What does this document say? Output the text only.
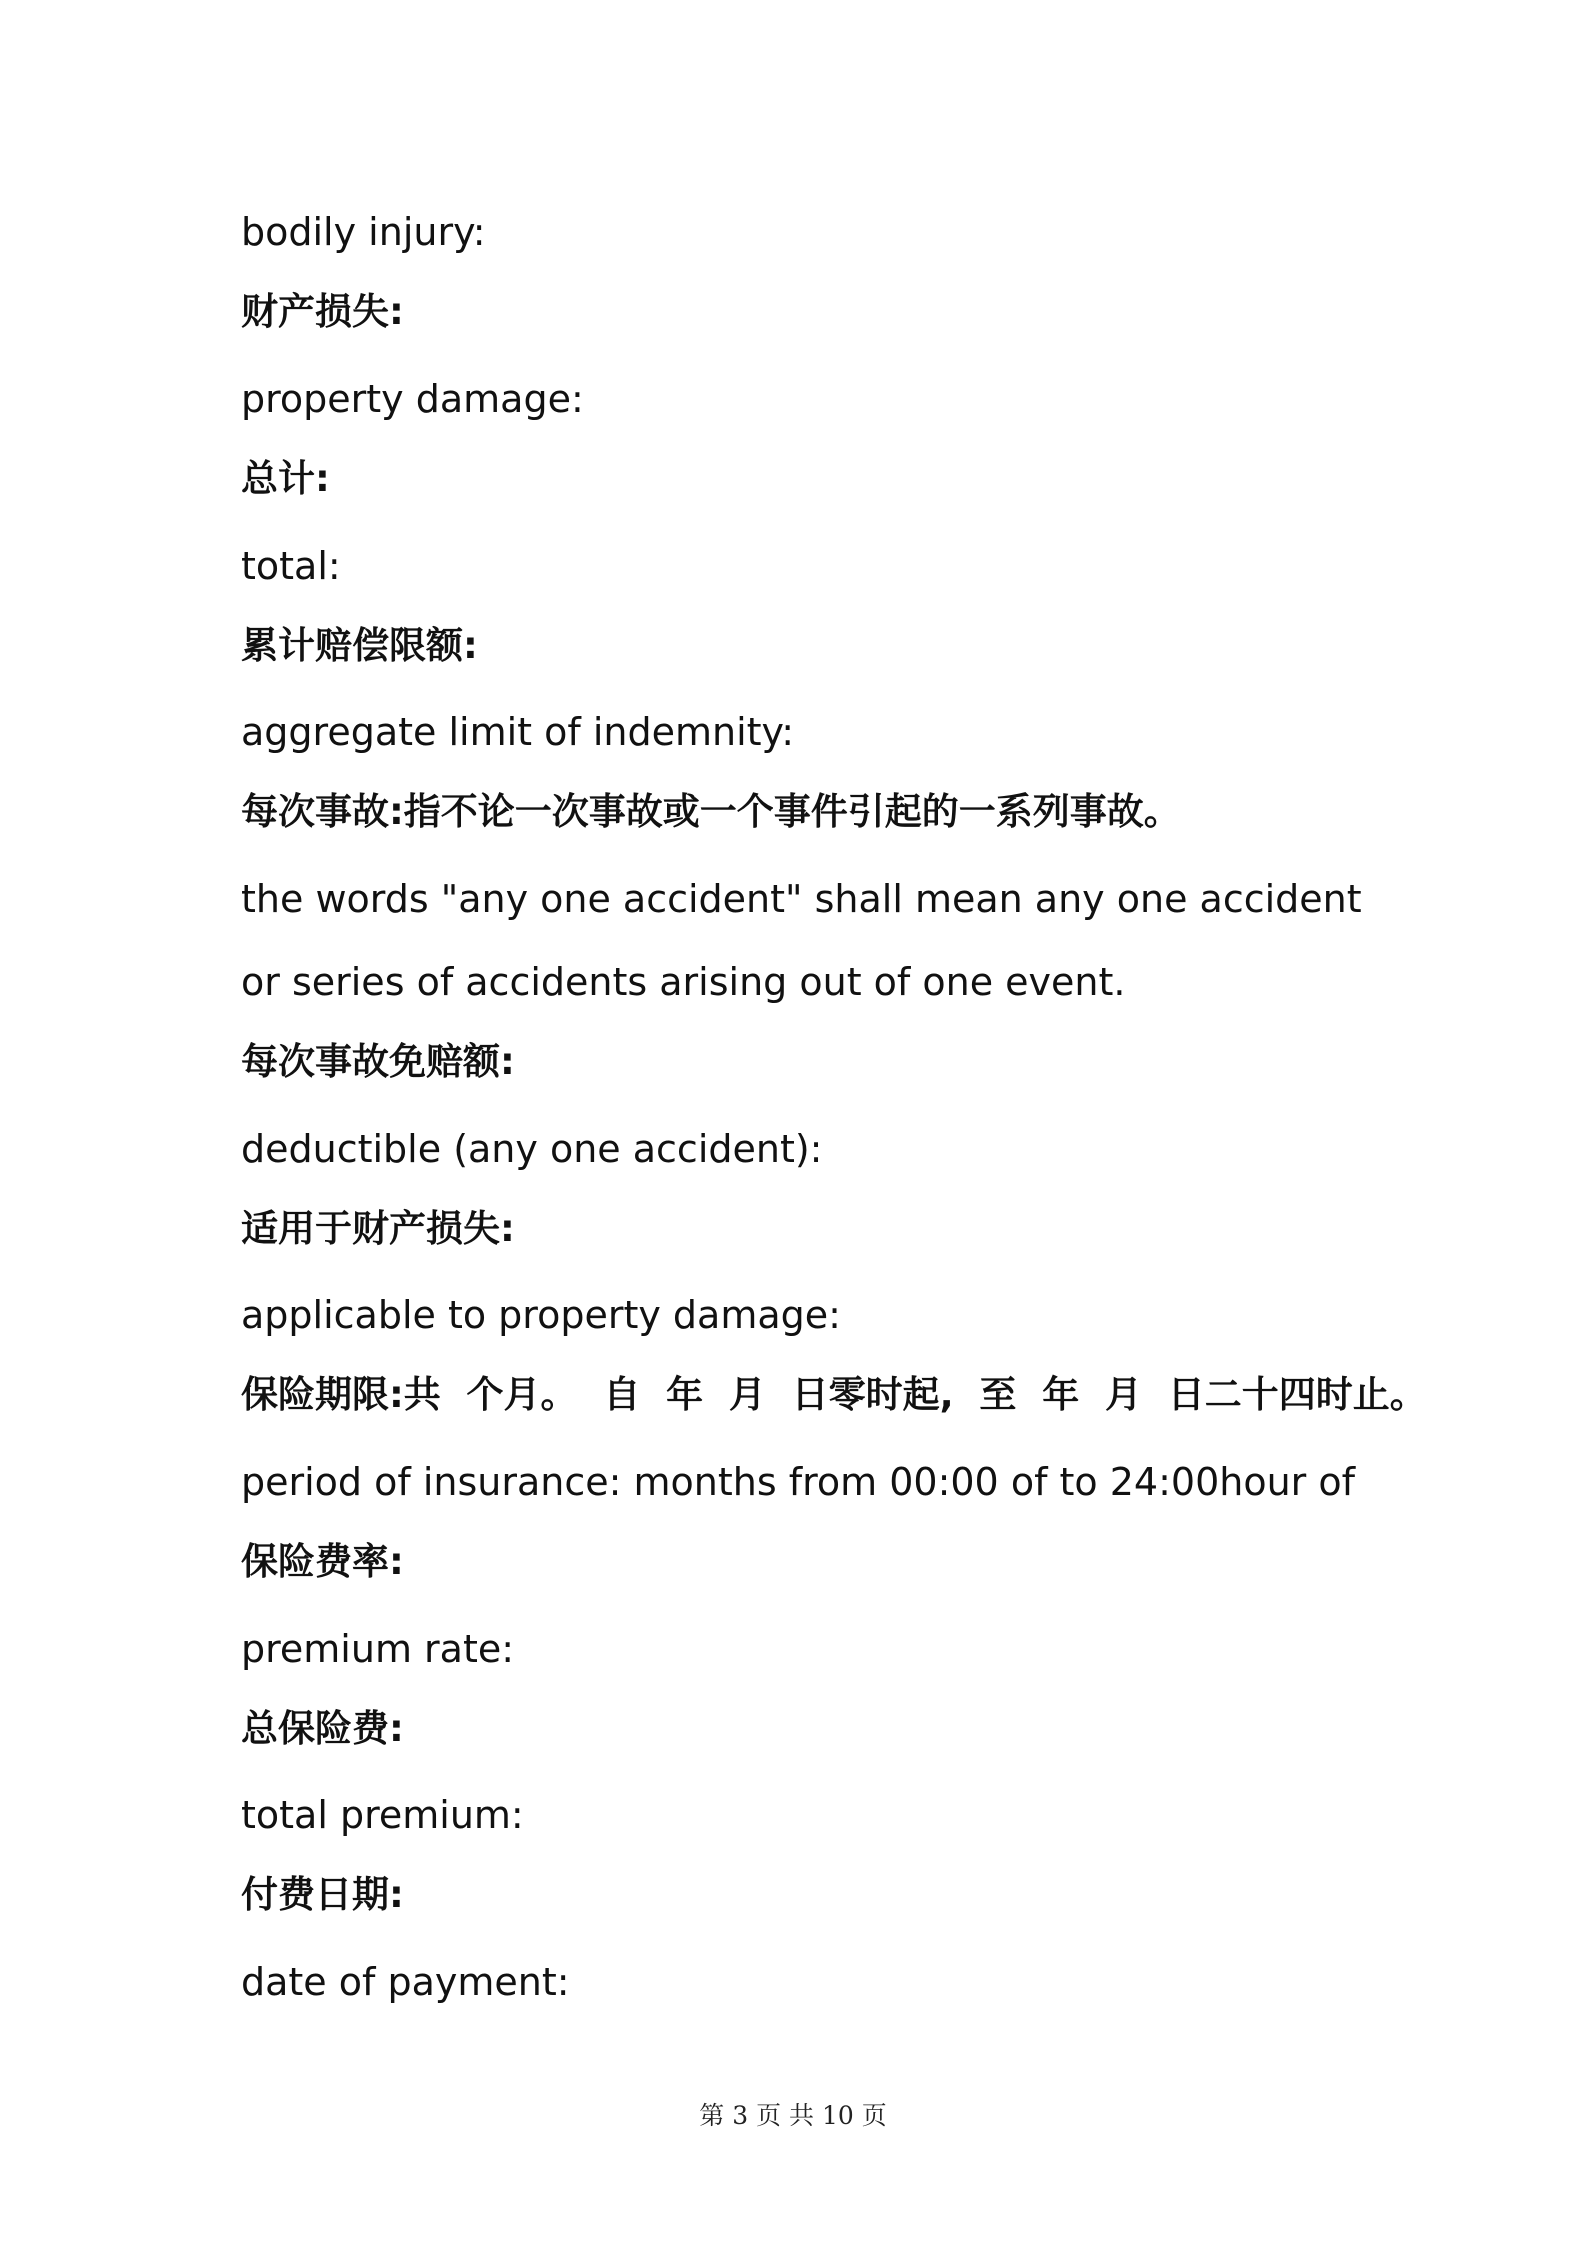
bodily injury:

财产损失:

property damage:

总计:

total:

累计赔偿限额:

aggregate limit of indemnity:

每次事故:指不论一次事故或一个事件引起的一系列事故。

the words "any one accident" shall mean any one accident

or series of accidents arising out of one event.

每次事故免赔额:

deductible (any one accident):

适用于财产损失:

applicable to property damage:

保险期限:共  个月。  自  年  月  日零时起,  至  年  月  日二十四时止。

period of insurance: months from 00:00 of to 24:00hour of

保险费率:

premium rate:

总保险费:

total premium:

付费日期:

date of payment:

第 3 页 共 10 页
